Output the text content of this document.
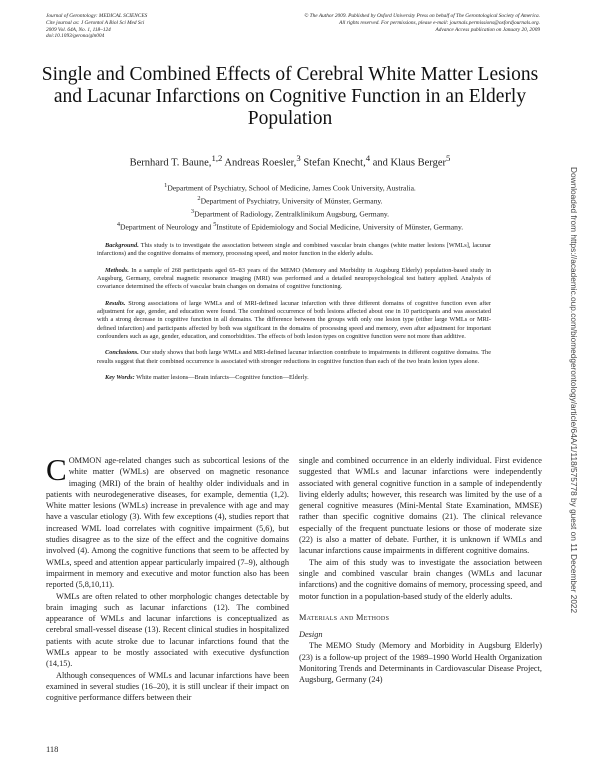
Journal of Gerontology: MEDICAL SCIENCES
Cite journal as: J Gerontol A Biol Sci Med Sci
2009 Vol. 64A, No. 1, 118–124
doi:10.1093/gerona/gln004
© The Author 2009. Published by Oxford University Press on behalf of The Gerontological Society of America.
All rights reserved. For permissions, please e-mail: journals.permissions@oxfordjournals.org.
Advance Access publication on January 20, 2009
Single and Combined Effects of Cerebral White Matter Lesions and Lacunar Infarctions on Cognitive Function in an Elderly Population
Bernhard T. Baune,$^{1,2}$ Andreas Roesler,$^3$ Stefan Knecht,$^4$ and Klaus Berger$^5$
$^1$Department of Psychiatry, School of Medicine, James Cook University, Australia.
$^2$Department of Psychiatry, University of Münster, Germany.
$^3$Department of Radiology, Zentralklinikum Augsburg, Germany.
$^4$Department of Neurology and $^5$Institute of Epidemiology and Social Medicine, University of Münster, Germany.

Background. This study is to investigate the association between single and combined vascular brain changes (white matter lesions [WMLs], lacunar infarctions) and the cognitive domains of memory, processing speed, and motor function in the elderly adults.

Methods. In a sample of 268 participants aged 65–83 years of the MEMO (Memory and Morbidity in Augsburg Elderly) population-based study in Augsburg, Germany, cerebral magnetic resonance imaging (MRI) was performed and a detailed neuropsychological test battery applied. Analysis of covariance determined the effects of vascular brain changes on domains of cognitive functioning.

Results. Strong associations of large WMLs and of MRI-defined lacunar infarction with three different domains of cognitive function even after adjustment for age, gender, and education were found. The combined occurrence of both lesions affected about one in 10 participants and was associated with a strong decrease in cognitive function in all domains. The difference between the groups with only one lesion type (either large WMLs or MRI-defined infarction) and participants affected by both was significant in the domains of processing speed and memory, even after adjustment for important confounders such as age, gender, education, and comorbidities. The effects of both lesion types on cognitive function were not more than additive.

Conclusions. Our study shows that both large WMLs and MRI-defined lacunar infarction contribute to impairments in different cognitive domains. The results suggest that their combined occurrence is associated with stronger reductions in cognitive function than each of the two brain lesion types alone.

Key Words: White matter lesions—Brain infarcts—Cognitive function—Elderly.

COMMON age-related changes such as subcortical lesions of the white matter (WMLs) are observed on magnetic resonance imaging (MRI) of the brain of healthy older individuals and in patients with neurodegenerative diseases, for example, dementia (1,2). White matter lesions (WMLs) increase in prevalence with age and may have a vascular etiology (3). With few exceptions (4), studies report that increased WML load correlates with cognitive impairment (5,6), but studies disagree as to the size of the effect and the cognitive domains involved (4). Among the cognitive functions that seem to be affected by WMLs, speed and attention appear particularly impaired (7–9), although impairment in memory and executive and motor function also has been reported (5,8,10,11).

WMLs are often related to other morphologic changes detectable by brain imaging such as lacunar infarctions (12). The combined appearance of WMLs and lacunar infarctions is conceptualized as cerebral small-vessel disease (13). Recent clinical studies in hospitalized patients with acute stroke due to lacunar infarctions found that the WMLs appear to be mostly associated with executive dysfunction (14,15).

Although consequences of WMLs and lacunar infarctions have been examined in several studies (16–20), it is still unclear if their impact on cognitive performance differs between their

single and combined occurrence in an elderly individual. First evidence suggested that WMLs and lacunar infarctions were independently associated with general cognitive function in a sample of independently living elderly adults; however, this research was limited by the use of a general cognitive measures (Mini-Mental State Examination, MMSE) rather than specific cognitive domains (21). The clinical relevance especially of the frequent punctuate lesions or those of moderate size (22) is also a matter of debate. Further, it is unknown if WMLs and lacunar infarctions cause impairments in different cognitive domains.

The aim of this study was to investigate the association between single and combined vascular brain changes (WMLs and lacunar infarctions) and the cognitive domains of memory, processing speed, and motor function in a population-based study of the elderly adults.

Materials and Methods

Design

The MEMO Study (Memory and Morbidity in Augsburg Elderly) (23) is a follow-up project of the 1989–1990 World Health Organization Monitoring Trends and Determinants in Cardiovascular Disease Project, Augsburg, Germany (24)

118
Downloaded from https://academic.oup.com/biomedgerontology/article/64A/1/118/575778 by guest on 11 December 2022
